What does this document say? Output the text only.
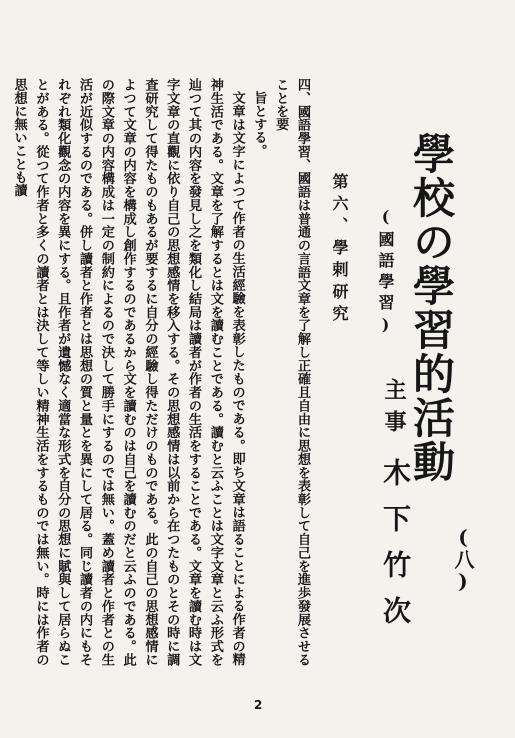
學校の學習的活動
(八)
(國語學習)
主事
木下竹次
第六、學剌研究

四、國語學習、國語は普通の言語文章を了解し正確且自由に思想を表彰して自己を進歩發展させることを要

旨とする。

文章は文字によつて作者の生活經驗を表彰したものである。即ち文章は語ることによる作者の精神生活である。文章を了解するとは文を讀むことである。讀むと云ふことは文字文章と云ふ形式を辿つて其の内容を發見し之を類化し結局は讀者が作者の生活をすることである。文章を讀む時は文字文章の直觀に依り自己の思想感情を移入する。その思想感情は以前から在つたものとその時に調査研究して得たものもあるが要するに自分の經驗し得ただけのものである。此の自己の思想感情によつて文章の内容を構成し創作するのであるから文を讀むのは自己を讀むのだと云ふのである。此の際文章の内容構成は一定の制約によるので決して勝手にするのでは無い。蓋め讀者と作者との生活が近似するのである。併し讀者と作者とは思想の質と量とを異にして居る。同じ讀者の内にもそれぞれ類化觀念の内容を異にする。且作者が遺憾なく適當な形式を自分の思想に賦與して居らぬことがある。從つて作者と多くの讀者とは決して等しい精神生活をするものでは無い。時には作者の思想に無いことも讀

2
